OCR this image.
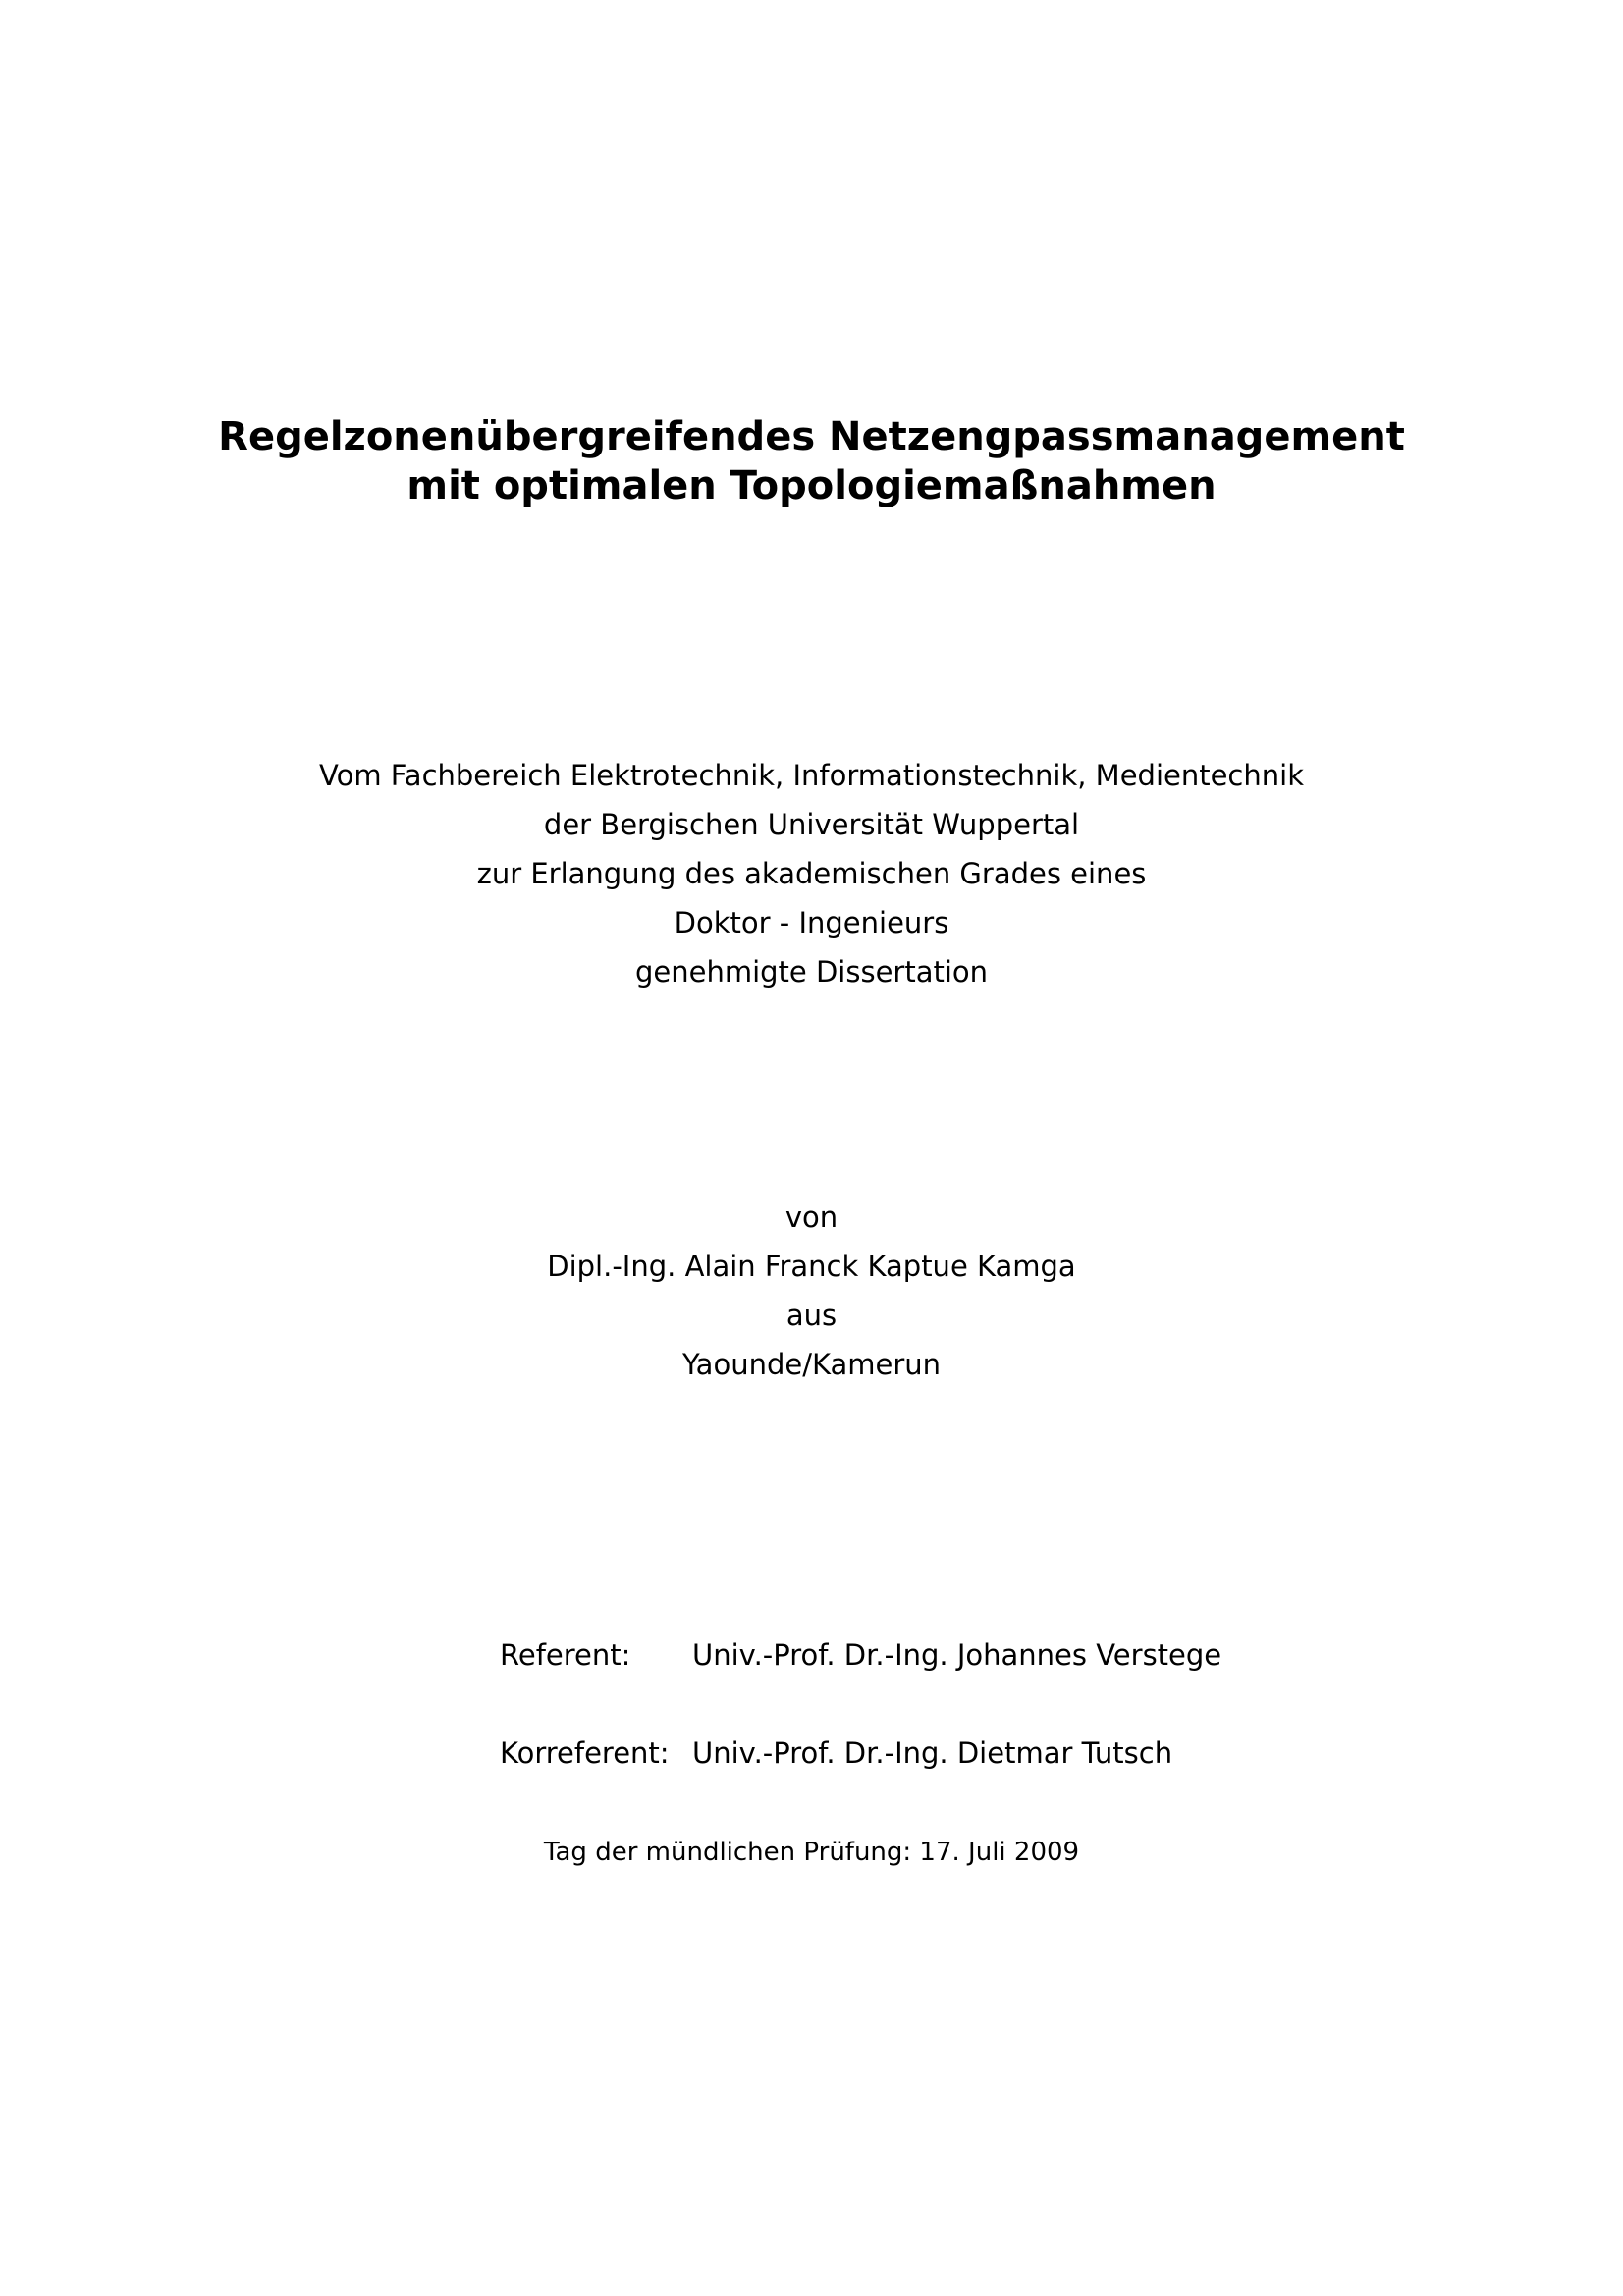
Regelzonenübergreifendes Netzengpassmanagement
mit optimalen Topologiemaßnahmen
Vom Fachbereich Elektrotechnik, Informationstechnik, Medientechnik
der Bergischen Universität Wuppertal
zur Erlangung des akademischen Grades eines
Doktor - Ingenieurs
genehmigte Dissertation
von
Dipl.-Ing. Alain Franck Kaptue Kamga
aus
Yaounde/Kamerun
Referent: Univ.-Prof. Dr.-Ing. Johannes Verstege
Korreferent: Univ.-Prof. Dr.-Ing. Dietmar Tutsch
Tag der mündlichen Prüfung: 17. Juli 2009
